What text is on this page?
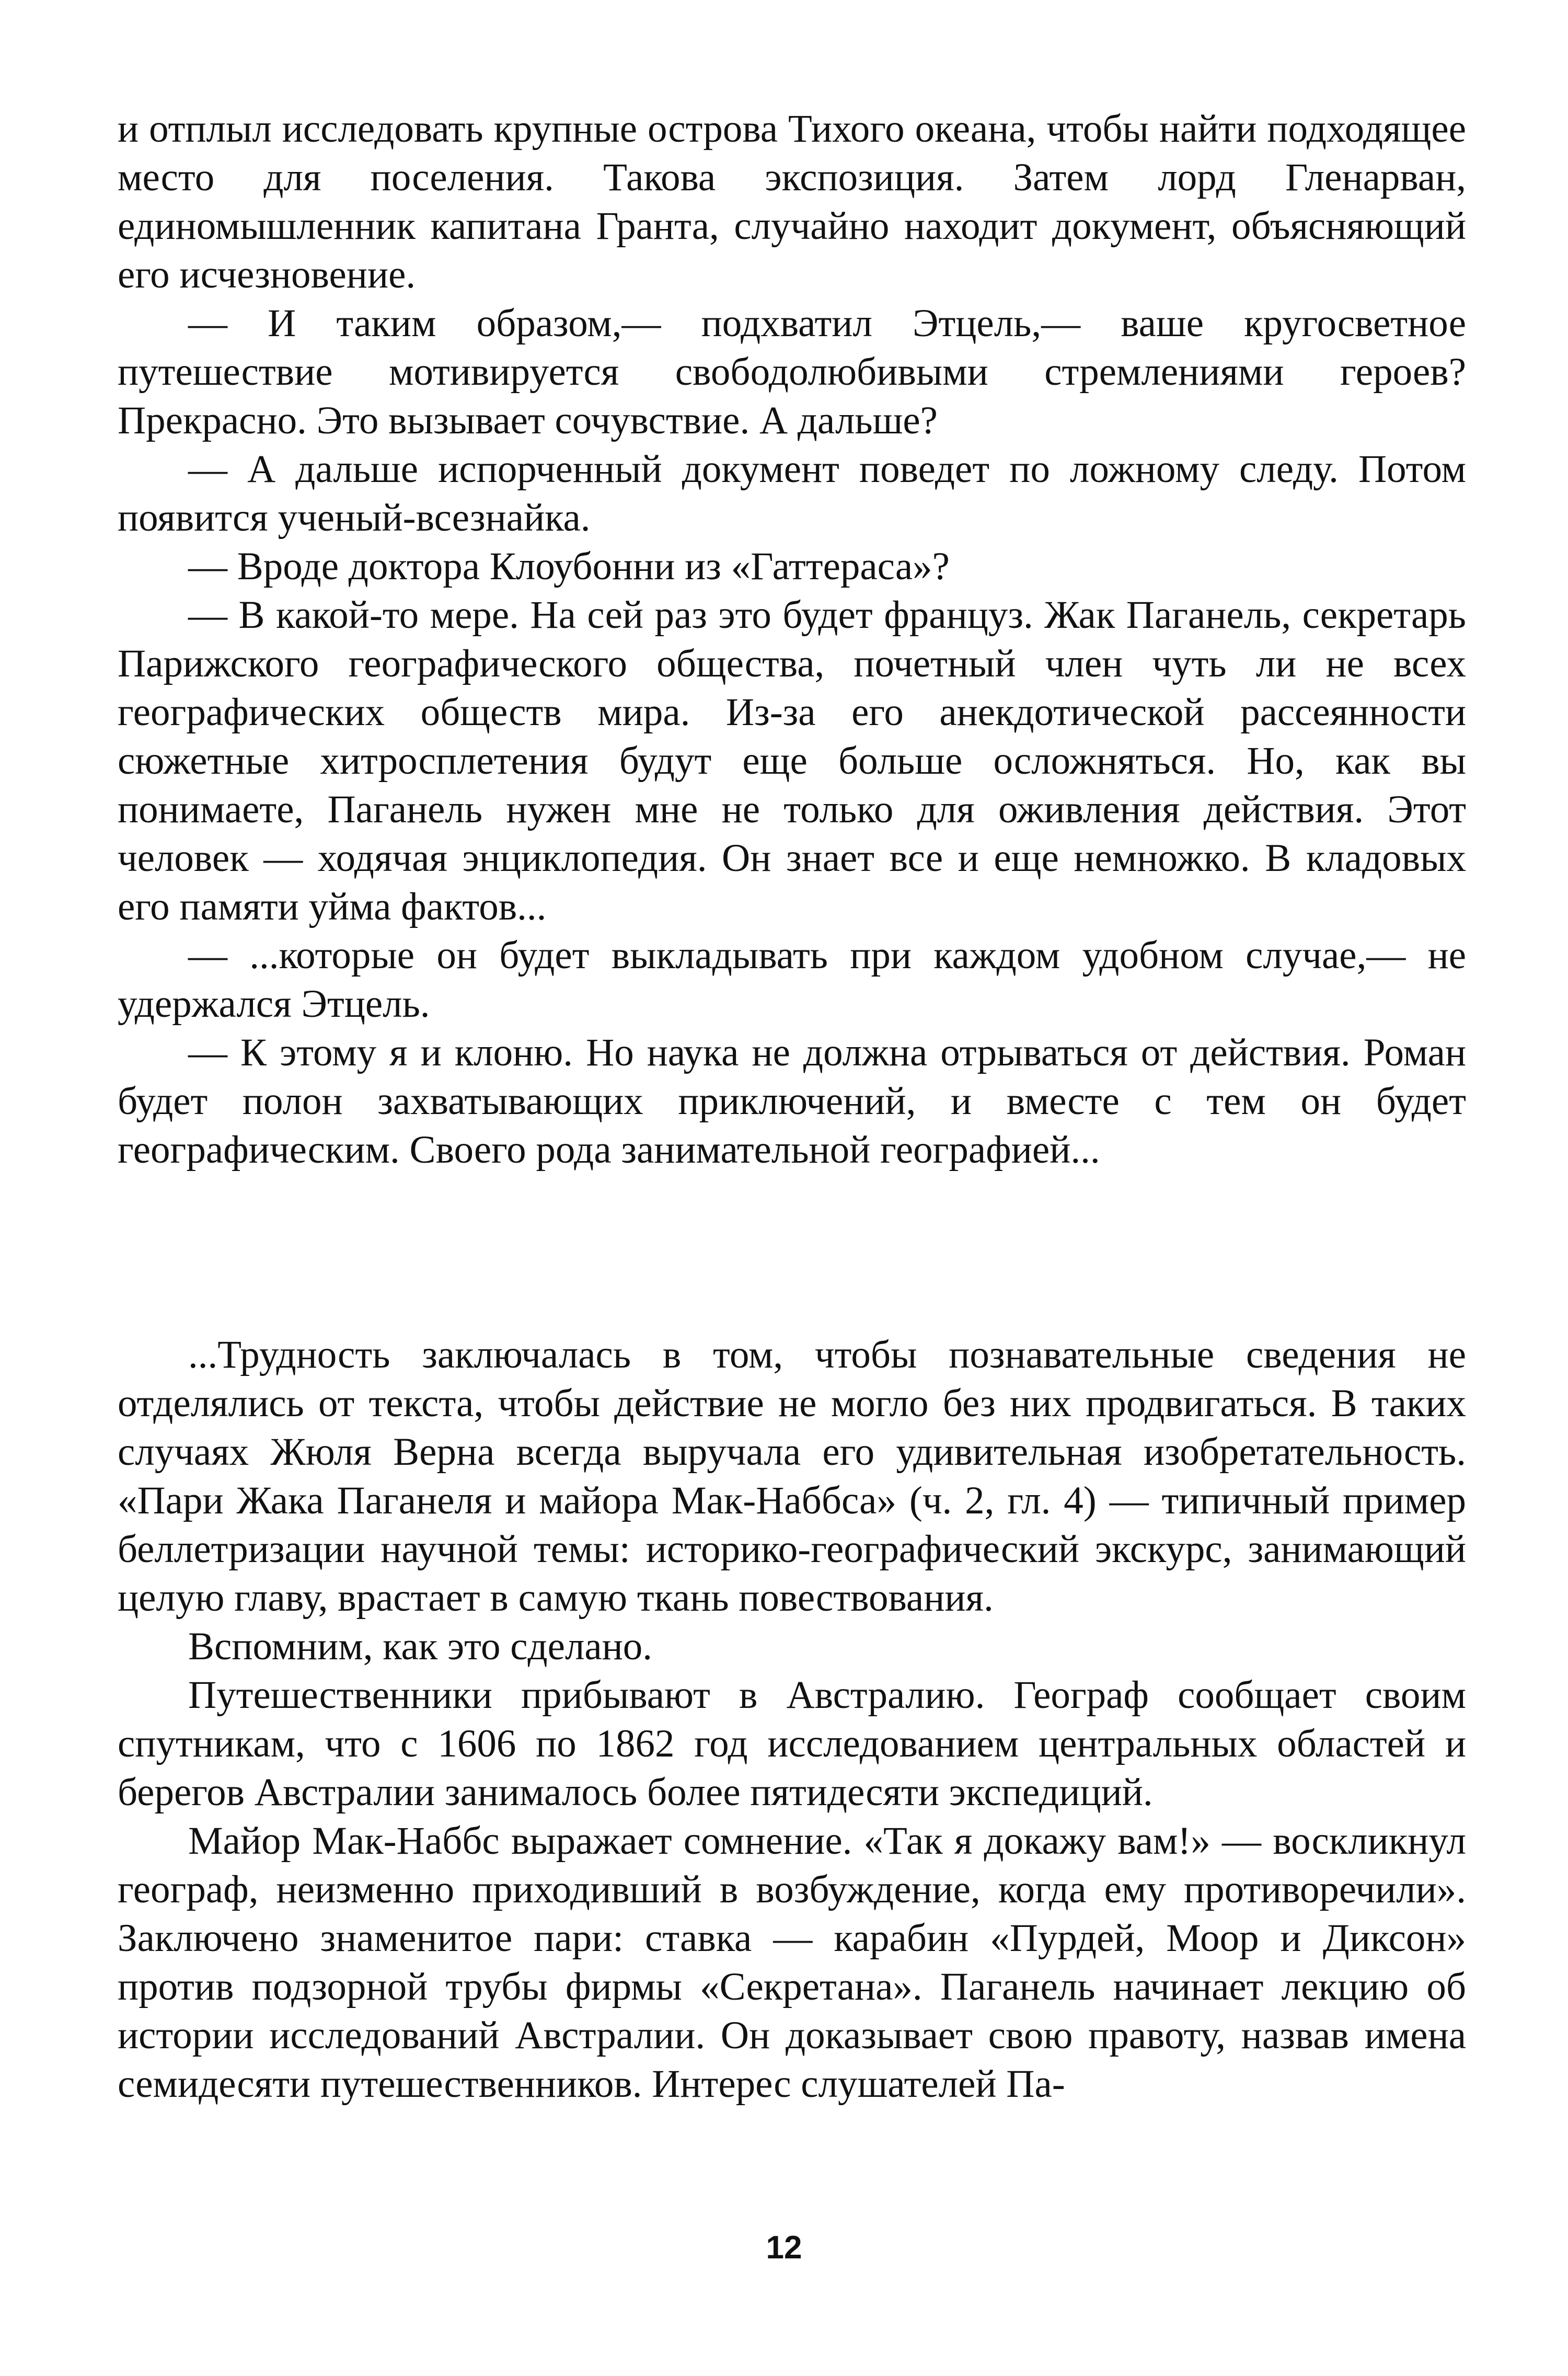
и отплыл исследовать крупные острова Тихого океана, чтобы найти подходящее место для поселения. Такова экспозиция. Затем лорд Гленарван, единомышленник капитана Гранта, случайно находит документ, объясняющий его исчезновение.

— И таким образом,— подхватил Этцель,— ваше кругосветное путешествие мотивируется свободолюбивыми стремлениями героев? Прекрасно. Это вызывает сочувствие. А дальше?

— А дальше испорченный документ поведет по ложному следу. Потом появится ученый-всезнайка.

— Вроде доктора Клоубонни из «Гаттераса»?

— В какой-то мере. На сей раз это будет француз. Жак Паганель, секретарь Парижского географического общества, почетный член чуть ли не всех географических обществ мира. Из-за его анекдотической рассеянности сюжетные хитросплетения будут еще больше осложняться. Но, как вы понимаете, Паганель нужен мне не только для оживления действия. Этот человек — ходячая энциклопедия. Он знает все и еще немножко. В кладовых его памяти уйма фактов...

— ...которые он будет выкладывать при каждом удобном случае,— не удержался Этцель.

— К этому я и клоню. Но наука не должна отрываться от действия. Роман будет полон захватывающих приключений, и вместе с тем он будет географическим. Своего рода занимательной географией...

...Трудность заключалась в том, чтобы познавательные сведения не отделялись от текста, чтобы действие не могло без них продвигаться. В таких случаях Жюля Верна всегда выручала его удивительная изобретательность. «Пари Жака Паганеля и майора Мак-Наббса» (ч. 2, гл. 4) — типичный пример беллетризации научной темы: историко-географический экскурс, занимающий целую главу, врастает в самую ткань повествования.

Вспомним, как это сделано.

Путешественники прибывают в Австралию. Географ сообщает своим спутникам, что с 1606 по 1862 год исследованием центральных областей и берегов Австралии занималось более пятидесяти экспедиций.

Майор Мак-Наббс выражает сомнение. «Так я докажу вам!» — воскликнул географ, неизменно приходивший в возбуждение, когда ему противоречили». Заключено знаменитое пари: ставка — карабин «Пурдей, Моор и Диксон» против подзорной трубы фирмы «Секретана». Паганель начинает лекцию об истории исследований Австралии. Он доказывает свою правоту, назвав имена семидесяти путешественников. Интерес слушателей Па-

12
